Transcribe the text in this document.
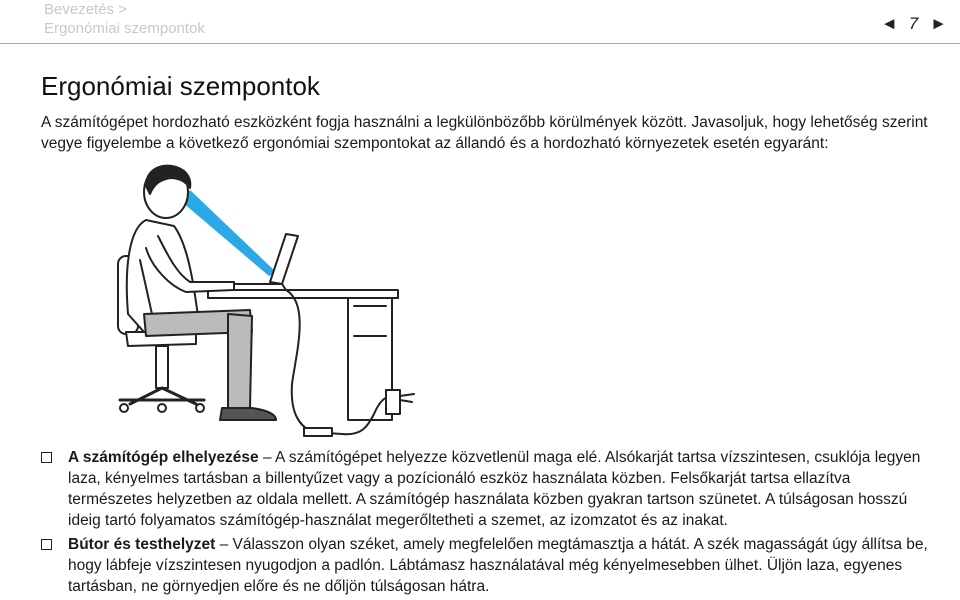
Bevezetés >
Ergonómiai szempontok	◄ 7 ►
Ergonómiai szempontok

A számítógépet hordozható eszközként fogja használni a legkülönbözőbb körülmények között. Javasoljuk, hogy lehetőség szerint vegye figyelembe a következő ergonómiai szempontokat az állandó és a hordozható környezetek esetén egyaránt:

A számítógép elhelyezése – A számítógépet helyezze közvetlenül maga elé. Alsókarját tartsa vízszintesen, csuklója legyen laza, kényelmes tartásban a billentyűzet vagy a pozícionáló eszköz használata közben. Felsőkarját tartsa ellazítva természetes helyzetben az oldala mellett. A számítógép használata közben gyakran tartson szünetet. A túlságosan hosszú ideig tartó folyamatos számítógép-használat megerőltetheti a szemet, az izomzatot és az inakat.
Bútor és testhelyzet – Válasszon olyan széket, amely megfelelően megtámasztja a hátát. A szék magasságát úgy állítsa be, hogy lábfeje vízszintesen nyugodjon a padlón. Lábtámasz használatával még kényelmesebben ülhet. Üljön laza, egyenes tartásban, ne görnyedjen előre és ne dőljön túlságosan hátra.
